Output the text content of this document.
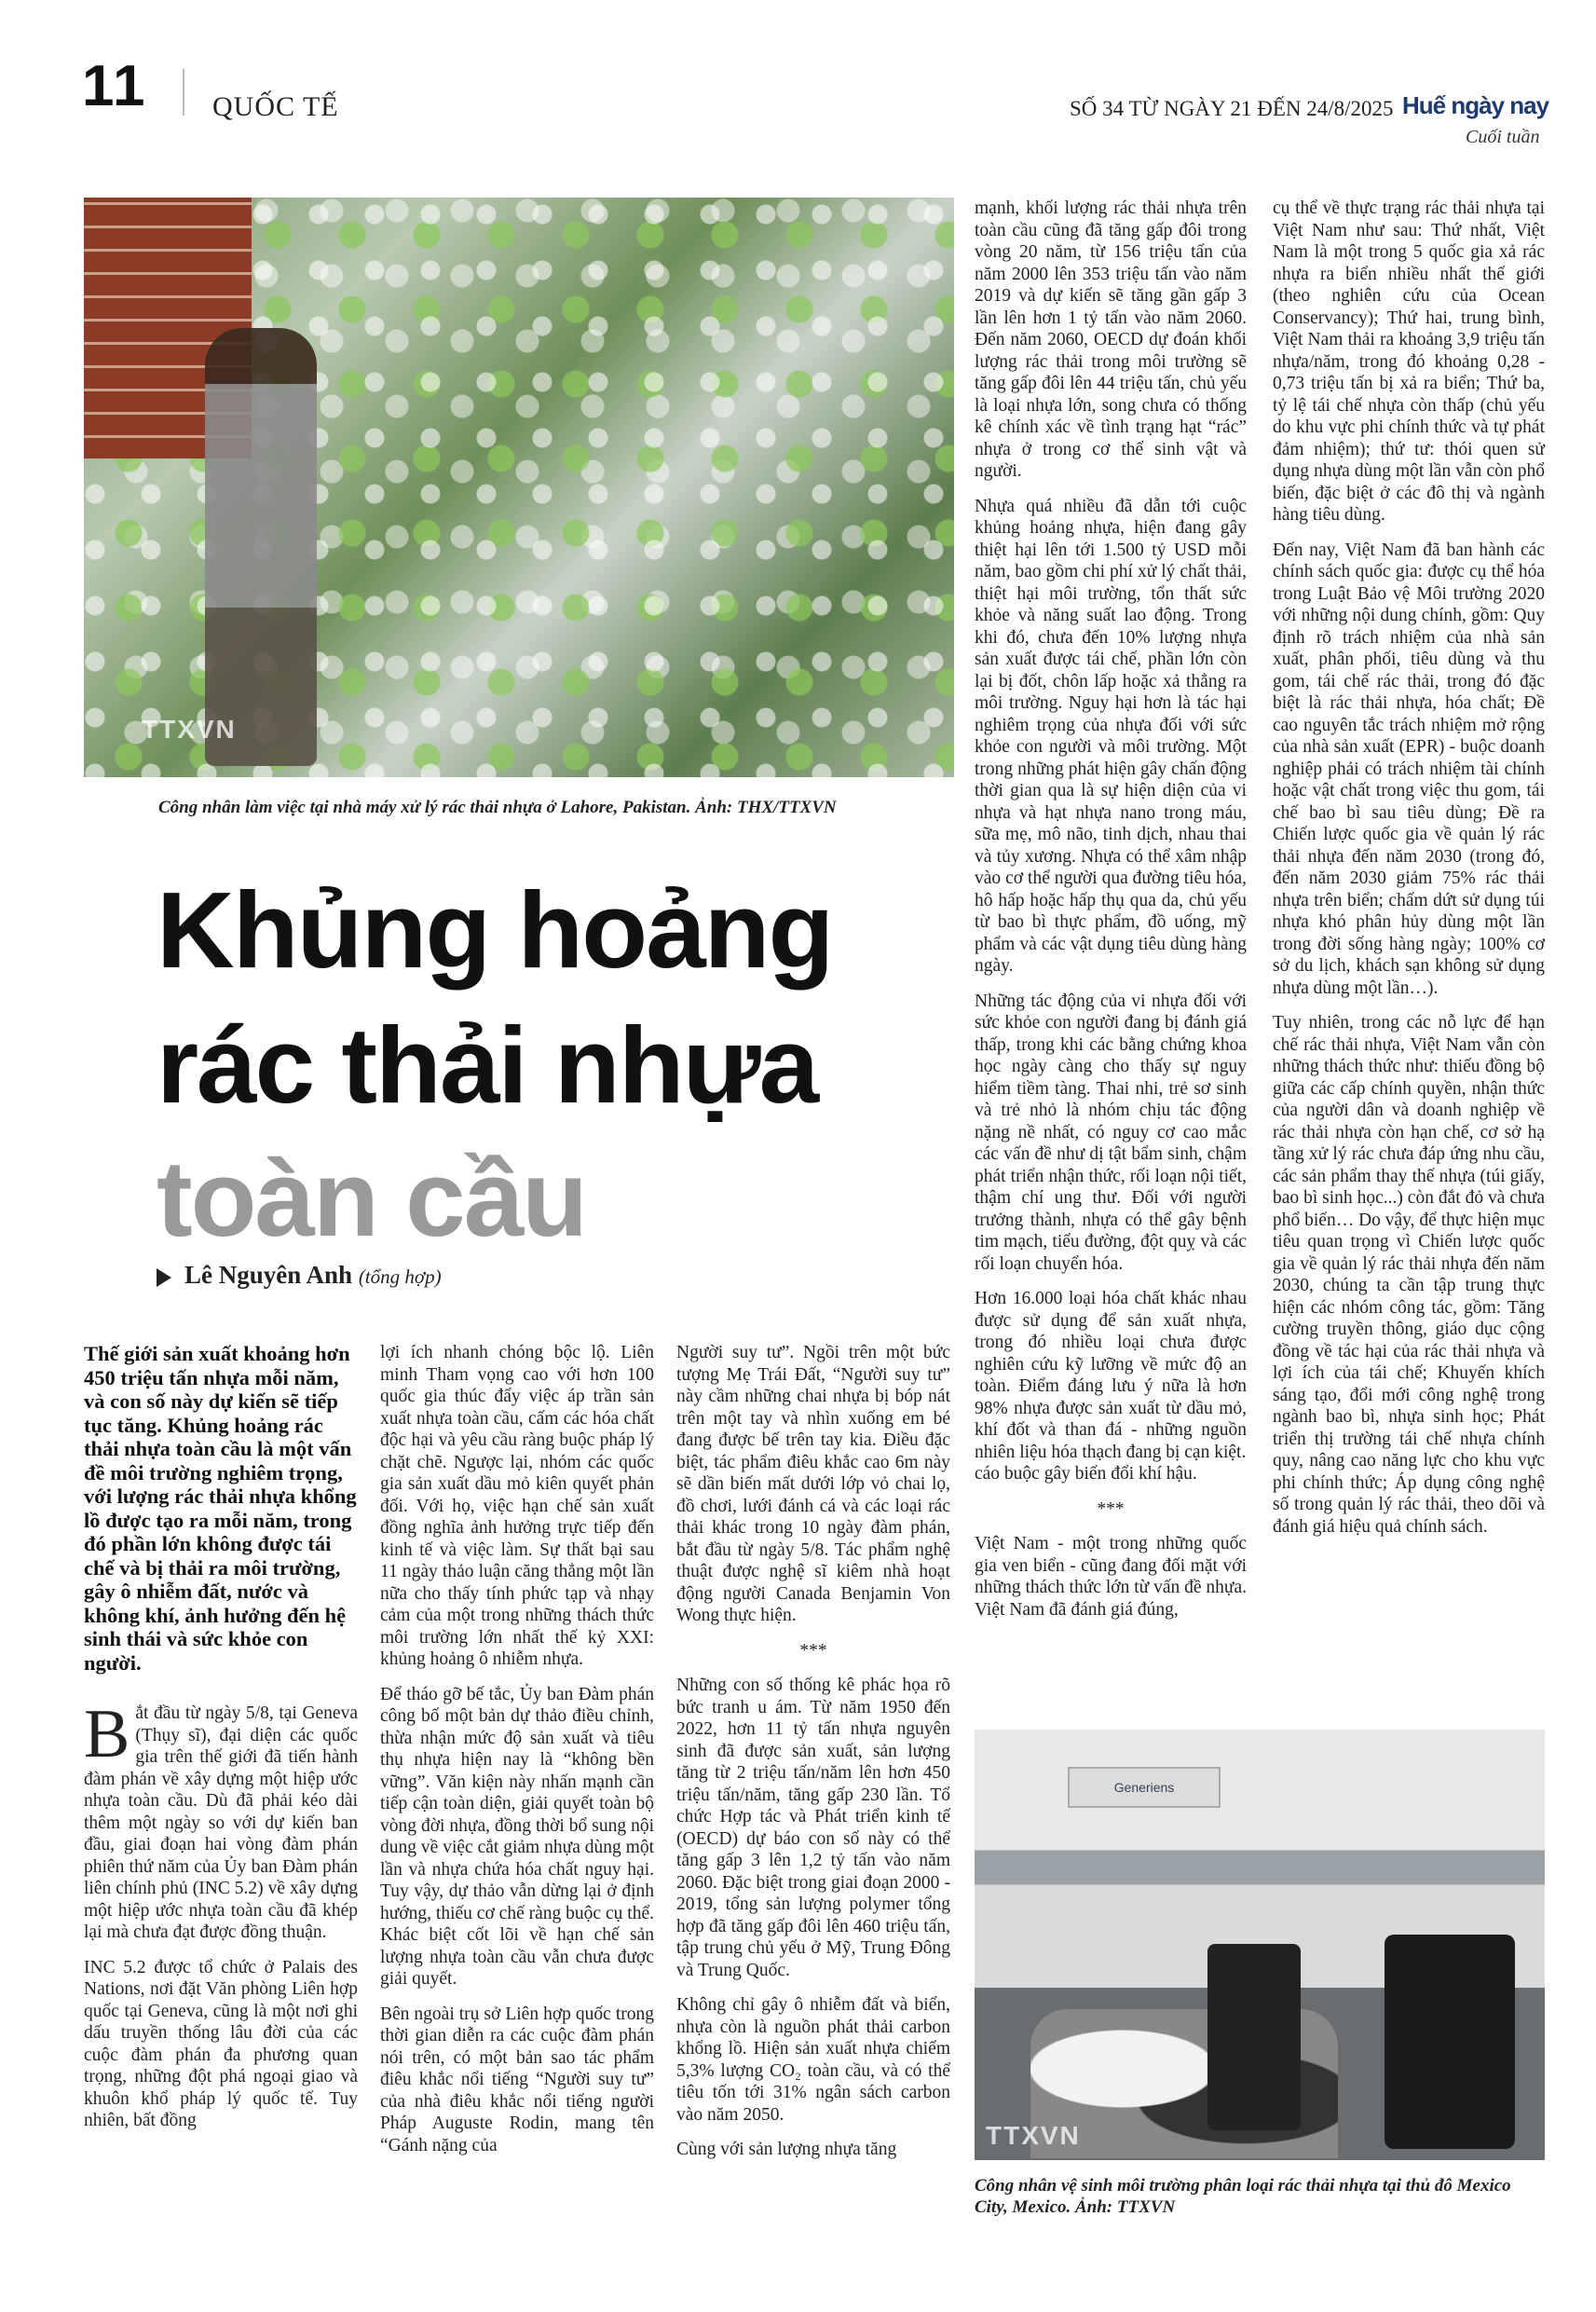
11 QUỐC TẾ	SỐ 34 TỪ NGÀY 21 ĐẾN 24/8/2025 Huế ngày nay
Cuối tuần
TTXVN
Công nhân làm việc tại nhà máy xử lý rác thải nhựa ở Lahore, Pakistan. Ảnh: THX/TTXVN
Khủng hoảng
rác thải nhựa
toàn cầu
Lê Nguyên Anh (tổng hợp)

Thế giới sản xuất khoảng hơn 450 triệu tấn nhựa mỗi năm, và con số này dự kiến sẽ tiếp tục tăng. Khủng hoảng rác thải nhựa toàn cầu là một vấn đề môi trường nghiêm trọng, với lượng rác thải nhựa khổng lồ được tạo ra mỗi năm, trong đó phần lớn không được tái chế và bị thải ra môi trường, gây ô nhiễm đất, nước và không khí, ảnh hưởng đến hệ sinh thái và sức khỏe con người.

Bắt đầu từ ngày 5/8, tại Geneva (Thụy sĩ), đại diện các quốc gia trên thế giới đã tiến hành đàm phán về xây dựng một hiệp ước nhựa toàn cầu. Dù đã phải kéo dài thêm một ngày so với dự kiến ban đầu, giai đoạn hai vòng đàm phán phiên thứ năm của Ủy ban Đàm phán liên chính phủ (INC 5.2) về xây dựng một hiệp ước nhựa toàn cầu đã khép lại mà chưa đạt được đồng thuận.

INC 5.2 được tổ chức ở Palais des Nations, nơi đặt Văn phòng Liên hợp quốc tại Geneva, cũng là một nơi ghi dấu truyền thống lâu đời của các cuộc đàm phán đa phương quan trọng, những đột phá ngoại giao và khuôn khổ pháp lý quốc tế. Tuy nhiên, bất đồng

lợi ích nhanh chóng bộc lộ. Liên minh Tham vọng cao với hơn 100 quốc gia thúc đẩy việc áp trần sản xuất nhựa toàn cầu, cấm các hóa chất độc hại và yêu cầu ràng buộc pháp lý chặt chẽ. Ngược lại, nhóm các quốc gia sản xuất dầu mỏ kiên quyết phản đối. Với họ, việc hạn chế sản xuất đồng nghĩa ảnh hưởng trực tiếp đến kinh tế và việc làm. Sự thất bại sau 11 ngày thảo luận căng thẳng một lần nữa cho thấy tính phức tạp và nhạy cảm của một trong những thách thức môi trường lớn nhất thế kỷ XXI: khủng hoảng ô nhiễm nhựa.

Để tháo gỡ bế tắc, Ủy ban Đàm phán công bố một bản dự thảo điều chỉnh, thừa nhận mức độ sản xuất và tiêu thụ nhựa hiện nay là “không bền vững”. Văn kiện này nhấn mạnh cần tiếp cận toàn diện, giải quyết toàn bộ vòng đời nhựa, đồng thời bổ sung nội dung về việc cắt giảm nhựa dùng một lần và nhựa chứa hóa chất nguy hại. Tuy vậy, dự thảo vẫn dừng lại ở định hướng, thiếu cơ chế ràng buộc cụ thể. Khác biệt cốt lõi về hạn chế sản lượng nhựa toàn cầu vẫn chưa được giải quyết.

Bên ngoài trụ sở Liên hợp quốc trong thời gian diễn ra các cuộc đàm phán nói trên, có một bản sao tác phẩm điêu khắc nổi tiếng “Người suy tư” của nhà điêu khắc nổi tiếng người Pháp Auguste Rodin, mang tên “Gánh nặng của

Người suy tư”. Ngồi trên một bức tượng Mẹ Trái Đất, “Người suy tư” này cầm những chai nhựa bị bóp nát trên một tay và nhìn xuống em bé đang được bế trên tay kia. Điều đặc biệt, tác phẩm điêu khắc cao 6m này sẽ dần biến mất dưới lớp vỏ chai lọ, đồ chơi, lưới đánh cá và các loại rác thải khác trong 10 ngày đàm phán, bắt đầu từ ngày 5/8. Tác phẩm nghệ thuật được nghệ sĩ kiêm nhà hoạt động người Canada Benjamin Von Wong thực hiện.

***

Những con số thống kê phác họa rõ bức tranh u ám. Từ năm 1950 đến 2022, hơn 11 tỷ tấn nhựa nguyên sinh đã được sản xuất, sản lượng tăng từ 2 triệu tấn/năm lên hơn 450 triệu tấn/năm, tăng gấp 230 lần. Tổ chức Hợp tác và Phát triển kinh tế (OECD) dự báo con số này có thể tăng gấp 3 lên 1,2 tỷ tấn vào năm 2060. Đặc biệt trong giai đoạn 2000 - 2019, tổng sản lượng polymer tổng hợp đã tăng gấp đôi lên 460 triệu tấn, tập trung chủ yếu ở Mỹ, Trung Đông và Trung Quốc.

Không chỉ gây ô nhiễm đất và biển, nhựa còn là nguồn phát thải carbon khổng lồ. Hiện sản xuất nhựa chiếm 5,3% lượng CO₂ toàn cầu, và có thể tiêu tốn tới 31% ngân sách carbon vào năm 2050.

Cùng với sản lượng nhựa tăng

mạnh, khối lượng rác thải nhựa trên toàn cầu cũng đã tăng gấp đôi trong vòng 20 năm, từ 156 triệu tấn của năm 2000 lên 353 triệu tấn vào năm 2019 và dự kiến sẽ tăng gần gấp 3 lần lên hơn 1 tỷ tấn vào năm 2060. Đến năm 2060, OECD dự đoán khối lượng rác thải trong môi trường sẽ tăng gấp đôi lên 44 triệu tấn, chủ yếu là loại nhựa lớn, song chưa có thống kê chính xác về tình trạng hạt “rác” nhựa ở trong cơ thể sinh vật và người.

Nhựa quá nhiều đã dẫn tới cuộc khủng hoảng nhựa, hiện đang gây thiệt hại lên tới 1.500 tỷ USD mỗi năm, bao gồm chi phí xử lý chất thải, thiệt hại môi trường, tổn thất sức khỏe và năng suất lao động. Trong khi đó, chưa đến 10% lượng nhựa sản xuất được tái chế, phần lớn còn lại bị đốt, chôn lấp hoặc xả thẳng ra môi trường. Nguy hại hơn là tác hại nghiêm trọng của nhựa đối với sức khỏe con người và môi trường. Một trong những phát hiện gây chấn động thời gian qua là sự hiện diện của vi nhựa và hạt nhựa nano trong máu, sữa mẹ, mô não, tinh dịch, nhau thai và tủy xương. Nhựa có thể xâm nhập vào cơ thể người qua đường tiêu hóa, hô hấp hoặc hấp thụ qua da, chủ yếu từ bao bì thực phẩm, đồ uống, mỹ phẩm và các vật dụng tiêu dùng hàng ngày.

Những tác động của vi nhựa đối với sức khỏe con người đang bị đánh giá thấp, trong khi các bằng chứng khoa học ngày càng cho thấy sự nguy hiểm tiềm tàng. Thai nhi, trẻ sơ sinh và trẻ nhỏ là nhóm chịu tác động nặng nề nhất, có nguy cơ cao mắc các vấn đề như dị tật bẩm sinh, chậm phát triển nhận thức, rối loạn nội tiết, thậm chí ung thư. Đối với người trưởng thành, nhựa có thể gây bệnh tim mạch, tiểu đường, đột quỵ và các rối loạn chuyển hóa.

Hơn 16.000 loại hóa chất khác nhau được sử dụng để sản xuất nhựa, trong đó nhiều loại chưa được nghiên cứu kỹ lưỡng về mức độ an toàn. Điểm đáng lưu ý nữa là hơn 98% nhựa được sản xuất từ dầu mỏ, khí đốt và than đá - những nguồn nhiên liệu hóa thạch đang bị cạn kiệt.

cáo buộc gây biến đổi khí hậu.

***

Việt Nam - một trong những quốc gia ven biển - cũng đang đối mặt với những thách thức lớn từ vấn đề nhựa. Việt Nam đã đánh giá đúng,

cụ thể về thực trạng rác thải nhựa tại Việt Nam như sau: Thứ nhất, Việt Nam là một trong 5 quốc gia xả rác nhựa ra biển nhiều nhất thế giới (theo nghiên cứu của Ocean Conservancy); Thứ hai, trung bình, Việt Nam thải ra khoảng 3,9 triệu tấn nhựa/năm, trong đó khoảng 0,28 - 0,73 triệu tấn bị xả ra biển; Thứ ba, tỷ lệ tái chế nhựa còn thấp (chủ yếu do khu vực phi chính thức và tự phát đảm nhiệm); thứ tư: thói quen sử dụng nhựa dùng một lần vẫn còn phổ biến, đặc biệt ở các đô thị và ngành hàng tiêu dùng.

Đến nay, Việt Nam đã ban hành các chính sách quốc gia: được cụ thể hóa trong Luật Bảo vệ Môi trường 2020 với những nội dung chính, gồm: Quy định rõ trách nhiệm của nhà sản xuất, phân phối, tiêu dùng và thu gom, tái chế rác thải, trong đó đặc biệt là rác thải nhựa, hóa chất; Đề cao nguyên tắc trách nhiệm mở rộng của nhà sản xuất (EPR) - buộc doanh nghiệp phải có trách nhiệm tài chính hoặc vật chất trong việc thu gom, tái chế bao bì sau tiêu dùng; Đề ra Chiến lược quốc gia về quản lý rác thải nhựa đến năm 2030 (trong đó, đến năm 2030 giảm 75% rác thải nhựa trên biển; chấm dứt sử dụng túi nhựa khó phân hủy dùng một lần trong đời sống hàng ngày; 100% cơ sở du lịch, khách sạn không sử dụng nhựa dùng một lần…).

Tuy nhiên, trong các nỗ lực để hạn chế rác thải nhựa, Việt Nam vẫn còn những thách thức như: thiếu đồng bộ giữa các cấp chính quyền, nhận thức của người dân và doanh nghiệp về rác thải nhựa còn hạn chế, cơ sở hạ tầng xử lý rác chưa đáp ứng nhu cầu, các sản phẩm thay thế nhựa (túi giấy, bao bì sinh học...) còn đắt đỏ và chưa phổ biến… Do vậy, để thực hiện mục tiêu quan trọng vì Chiến lược quốc gia về quản lý rác thải nhựa đến năm 2030, chúng ta cần tập trung thực hiện các nhóm công tác, gồm: Tăng cường truyền thông, giáo dục cộng đồng về tác hại của rác thải nhựa và lợi ích của tái chế; Khuyến khích sáng tạo, đổi mới công nghệ trong ngành bao bì, nhựa sinh học; Phát triển thị trường tái chế nhựa chính quy, nâng cao năng lực cho khu vực phi chính thức; Áp dụng công nghệ số trong quản lý rác thải, theo dõi và đánh giá hiệu quả chính sách.

Generiens
TTXVN
Công nhân vệ sinh môi trường phân loại rác thải nhựa tại thủ đô Mexico City, Mexico. Ảnh: TTXVN
